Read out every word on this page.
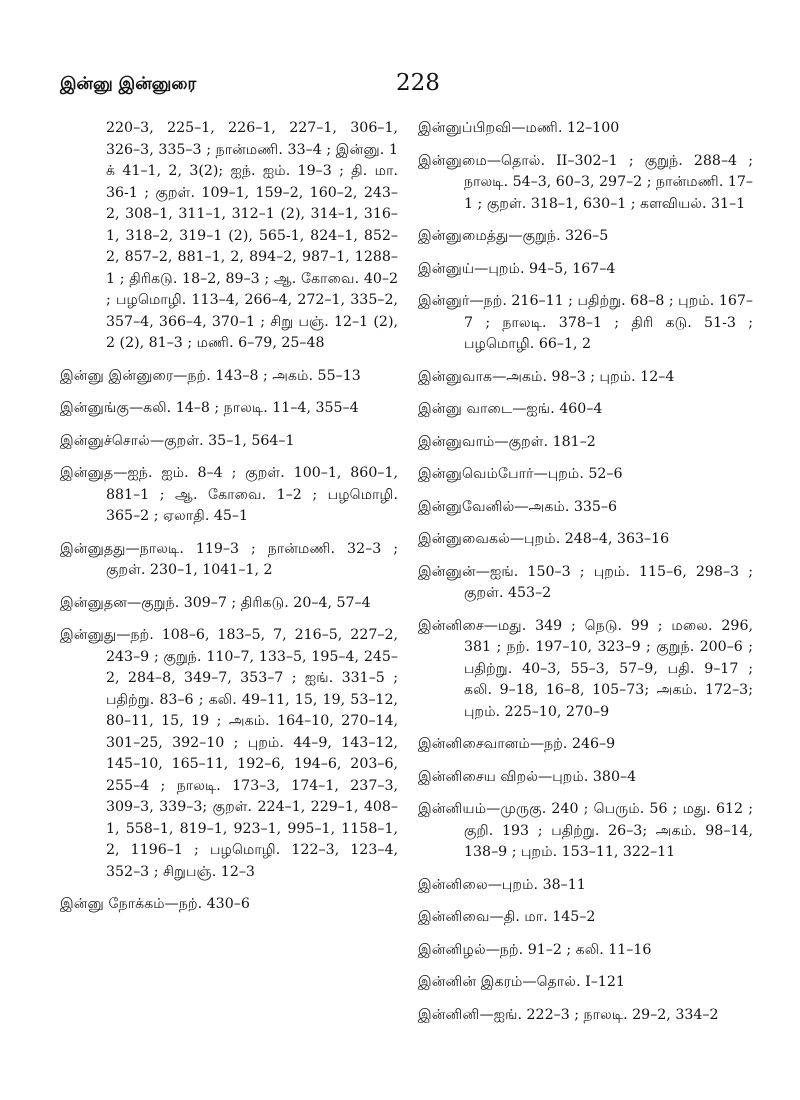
இன்னு இன்னுரை	228
220–3, 225–1, 226–1, 227–1, 306–1, 326–3, 335–3 ; நான்மணி. 33–4 ; இன்னு. 1 க் 41–1, 2, 3(2); ஐந். ஐம். 19–3 ; தி. மா. 36-1 ; குறள். 109–1, 159–2, 160–2, 243–2, 308–1, 311–1, 312–1 (2), 314–1, 316–1, 318–2, 319–1 (2), 565-1, 824–1, 852–2, 857–2, 881–1, 2, 894–2, 987–1, 1288–1 ; திரிகடு. 18–2, 89–3 ; ஆ. கோவை. 40–2 ; பழமொழி. 113–4, 266–4, 272–1, 335–2, 357–4, 366–4, 370–1 ; சிறு பஞ். 12–1 (2), 2 (2), 81–3 ; மணி. 6–79, 25–48
இன்னு இன்னுரை—நற். 143–8 ; அகம். 55–13
இன்னுங்கு—கலி. 14–8 ; நாலடி. 11–4, 355–4
இன்னுச்சொல்—குறள். 35–1, 564–1
இன்னுத—ஐந். ஐம். 8–4 ; குறள். 100–1, 860–1, 881–1 ; ஆ. கோவை. 1–2 ; பழமொழி. 365–2 ; ஏலாதி. 45–1
இன்னுதது—நாலடி. 119–3 ; நான்மணி. 32–3 ; குறள். 230–1, 1041–1, 2
இன்னுதன—குறுந். 309–7 ; திரிகடு. 20–4, 57–4
இன்னுது—நற். 108–6, 183–5, 7, 216–5, 227–2, 243–9 ; குறுந். 110–7, 133–5, 195–4, 245–2, 284–8, 349–7, 353–7 ; ஐங். 331–5 ; பதிற்று. 83–6 ; கலி. 49–11, 15, 19, 53–12, 80–11, 15, 19 ; அகம். 164–10, 270–14, 301–25, 392–10 ; புறம். 44–9, 143–12, 145–10, 165–11, 192–6, 194–6, 203–6, 255–4 ; நாலடி. 173–3, 174–1, 237–3, 309–3, 339–3; குறள். 224–1, 229–1, 408–1, 558–1, 819–1, 923–1, 995–1, 1158–1, 2, 1196–1 ; பழமொழி. 122–3, 123–4, 352–3 ; சிறுபஞ். 12–3
இன்னு நோக்கம்—நற். 430–6
இன்னுப்பிறவி—மணி. 12–100
இன்னுமை—தொல். II–302–1 ; குறுந். 288–4 ; நாலடி. 54–3, 60–3, 297–2 ; நான்மணி. 17–1 ; குறள். 318–1, 630–1 ; களவியல். 31–1
இன்னுமைத்து—குறுந். 326–5
இன்னுய்—புறம். 94–5, 167–4
இன்னுர்—நற். 216–11 ; பதிற்று. 68–8 ; புறம். 167–7 ; நாலடி. 378–1 ; திரி கடு. 51-3 ; பழமொழி. 66–1, 2
இன்னுவாக—அகம். 98–3 ; புறம். 12–4
இன்னு வாடை—ஐங். 460–4
இன்னுவாம்—குறள். 181–2
இன்னுவெம்போர்—புறம். 52–6
இன்னுவேனில்—அகம். 335–6
இன்னுவைகல்—புறம். 248–4, 363–16
இன்னுன்—ஐங். 150–3 ; புறம். 115–6, 298–3 ; குறள். 453–2
இன்னிசை—மது. 349 ; நெடு. 99 ; மலை. 296, 381 ; நற். 197–10, 323–9 ; குறுந். 200–6 ; பதிற்று. 40–3, 55–3, 57–9, பதி. 9–17 ; கலி. 9–18, 16–8, 105–73; அகம். 172–3; புறம். 225–10, 270–9
இன்னிசைவானம்—நற். 246–9
இன்னிசைய விறல்—புறம். 380–4
இன்னியம்—முருகு. 240 ; பெரும். 56 ; மது. 612 ; குறி. 193 ; பதிற்று. 26–3; அகம். 98–14, 138–9 ; புறம். 153–11, 322–11
இன்னிலை—புறம். 38–11
இன்னிவை—தி. மா. 145–2
இன்னிழல்—நற். 91–2 ; கலி. 11–16
இன்னின் இகரம்—தொல். I–121
இன்னினி—ஐங். 222–3 ; நாலடி. 29–2, 334–2
